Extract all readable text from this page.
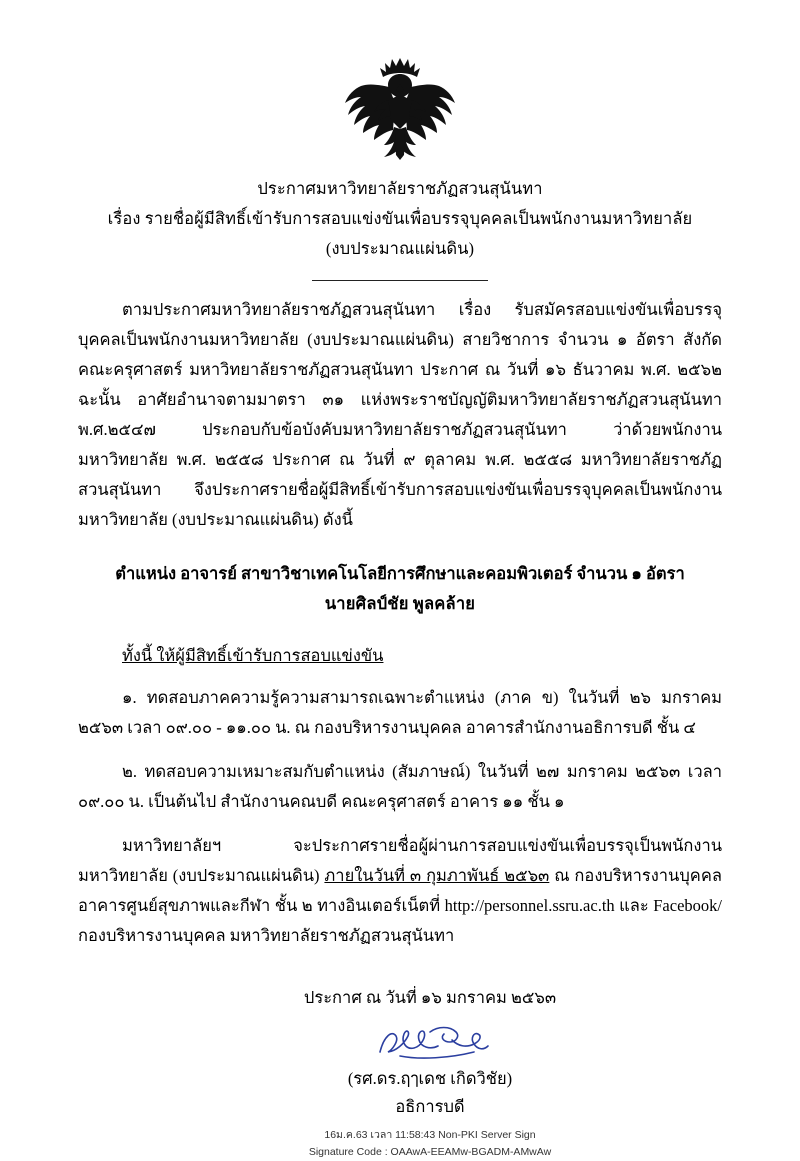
ประกาศมหาวิทยาลัยราชภัฏสวนสุนันทา
เรื่อง รายชื่อผู้มีสิทธิ์เข้ารับการสอบแข่งขันเพื่อบรรจุบุคคลเป็นพนักงานมหาวิทยาลัย
(งบประมาณแผ่นดิน)

ตามประกาศมหาวิทยาลัยราชภัฏสวนสุนันทา เรื่อง รับสมัครสอบแข่งขันเพื่อบรรจุบุคคลเป็นพนักงานมหาวิทยาลัย (งบประมาณแผ่นดิน) สายวิชาการ จำนวน ๑ อัตรา สังกัด คณะครุศาสตร์ มหาวิทยาลัยราชภัฏสวนสุนันทา ประกาศ ณ วันที่ ๑๖ ธันวาคม พ.ศ. ๒๕๖๒ ฉะนั้น อาศัยอำนาจตามมาตรา ๓๑ แห่งพระราชบัญญัติมหาวิทยาลัยราชภัฏสวนสุนันทา พ.ศ.๒๕๔๗ ประกอบกับข้อบังคับมหาวิทยาลัยราชภัฏสวนสุนันทา ว่าด้วยพนักงานมหาวิทยาลัย พ.ศ. ๒๕๕๘ ประกาศ ณ วันที่ ๙ ตุลาคม พ.ศ. ๒๕๕๘ มหาวิทยาลัยราชภัฏสวนสุนันทา จึงประกาศรายชื่อผู้มีสิทธิ์เข้ารับการสอบแข่งขันเพื่อบรรจุบุคคลเป็นพนักงานมหาวิทยาลัย (งบประมาณแผ่นดิน) ดังนี้

ตำแหน่ง อาจารย์ สาขาวิชาเทคโนโลยีการศึกษาและคอมพิวเตอร์ จำนวน ๑ อัตรา
นายศิลป์ชัย พูลคล้าย
ทั้งนี้ ให้ผู้มีสิทธิ์เข้ารับการสอบแข่งขัน

๑. ทดสอบภาคความรู้ความสามารถเฉพาะตำแหน่ง (ภาค ข) ในวันที่ ๒๖ มกราคม ๒๕๖๓ เวลา ๐๙.๐๐ - ๑๑.๐๐ น. ณ กองบริหารงานบุคคล อาคารสำนักงานอธิการบดี ชั้น ๔

๒. ทดสอบความเหมาะสมกับตำแหน่ง (สัมภาษณ์) ในวันที่ ๒๗ มกราคม ๒๕๖๓ เวลา ๐๙.๐๐ น. เป็นต้นไป สำนักงานคณบดี คณะครุศาสตร์ อาคาร ๑๑ ชั้น ๑

มหาวิทยาลัยฯ จะประกาศรายชื่อผู้ผ่านการสอบแข่งขันเพื่อบรรจุเป็นพนักงานมหาวิทยาลัย (งบประมาณแผ่นดิน) ภายในวันที่ ๓ กุมภาพันธ์ ๒๕๖๓ ณ กองบริหารงานบุคคล อาคารศูนย์สุขภาพและกีฬา ชั้น ๒ ทางอินเตอร์เน็ตที่ http://personnel.ssru.ac.th และ Facebook/กองบริหารงานบุคคล มหาวิทยาลัยราชภัฏสวนสุนันทา

ประกาศ ณ วันที่ ๑๖ มกราคม ๒๕๖๓
(รศ.ดร.ฤๅเดช เกิดวิชัย)
อธิการบดี
16ม.ค.63 เวลา 11:58:43 Non-PKI Server Sign
Signature Code : OAAwA-EEAMw-BGADM-AMwAw
